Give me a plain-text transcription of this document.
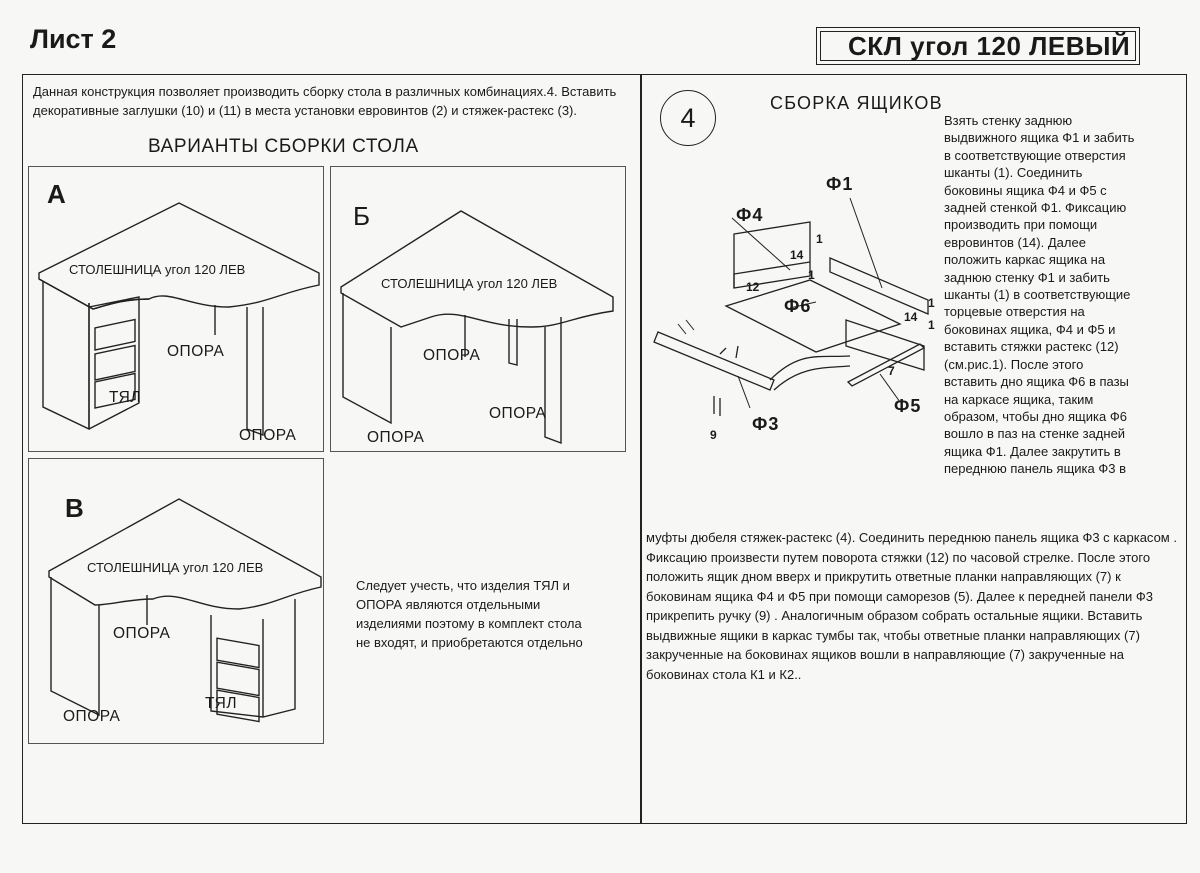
Лист 2	СКЛ угол 120 ЛЕВЫЙ
Данная конструкция позволяет производить сборку стола в различных комбинациях.4. Вставить декоративные заглушки (10) и (11) в места установки евровинтов (2) и стяжек-растекс (3).
ВАРИАНТЫ СБОРКИ СТОЛА
А
СТОЛЕШНИЦА угол 120 ЛЕВ
ОПОРА
ТЯЛ
ОПОРА
Б
СТОЛЕШНИЦА угол 120 ЛЕВ
ОПОРА
ОПОРА
ОПОРА
В
СТОЛЕШНИЦА угол 120 ЛЕВ
ОПОРА
ТЯЛ
ОПОРА
Следует учесть, что изделия ТЯЛ и ОПОРА являются отдельными изделиями поэтому в комплект стола не входят, и приобретаются отдельно
4	СБОРКА ЯЩИКОВ
Ф1
Ф4
Ф6
Ф5
Ф3
1
14
1
12
1
14
1
7
9
Взять стенку заднюю выдвижного ящика Ф1 и забить в соответствующие отверстия шканты (1). Соединить боковины ящика Ф4 и Ф5 с задней стенкой Ф1. Фиксацию производить при помощи евровинтов (14). Далее положить каркас ящика на заднюю стенку Ф1 и забить шканты (1) в соответствующие торцевые отверстия на боковинах ящика, Ф4 и Ф5 и вставить стяжки растекс (12) (см.рис.1). После этого вставить дно ящика Ф6 в пазы на каркасе ящика, таким образом, чтобы дно ящика Ф6 вошло в паз на стенке задней ящика Ф1. Далее закрутить в переднюю панель ящика Ф3 в
муфты дюбеля стяжек-растекс (4). Соединить переднюю панель ящика Ф3 с каркасом . Фиксацию произвести путем поворота стяжки (12) по часовой стрелке. После этого положить ящик дном вверх и прикрутить ответные планки направляющих (7) к боковинам ящика Ф4 и Ф5 при помощи саморезов (5). Далее к передней панели Ф3 прикрепить ручку (9) . Аналогичным образом собрать остальные ящики. Вставить выдвижные ящики в каркас тумбы так, чтобы ответные планки направляющих (7) закрученные на боковинах ящиков вошли в направляющие (7) закрученные на боковинах стола К1 и К2..
